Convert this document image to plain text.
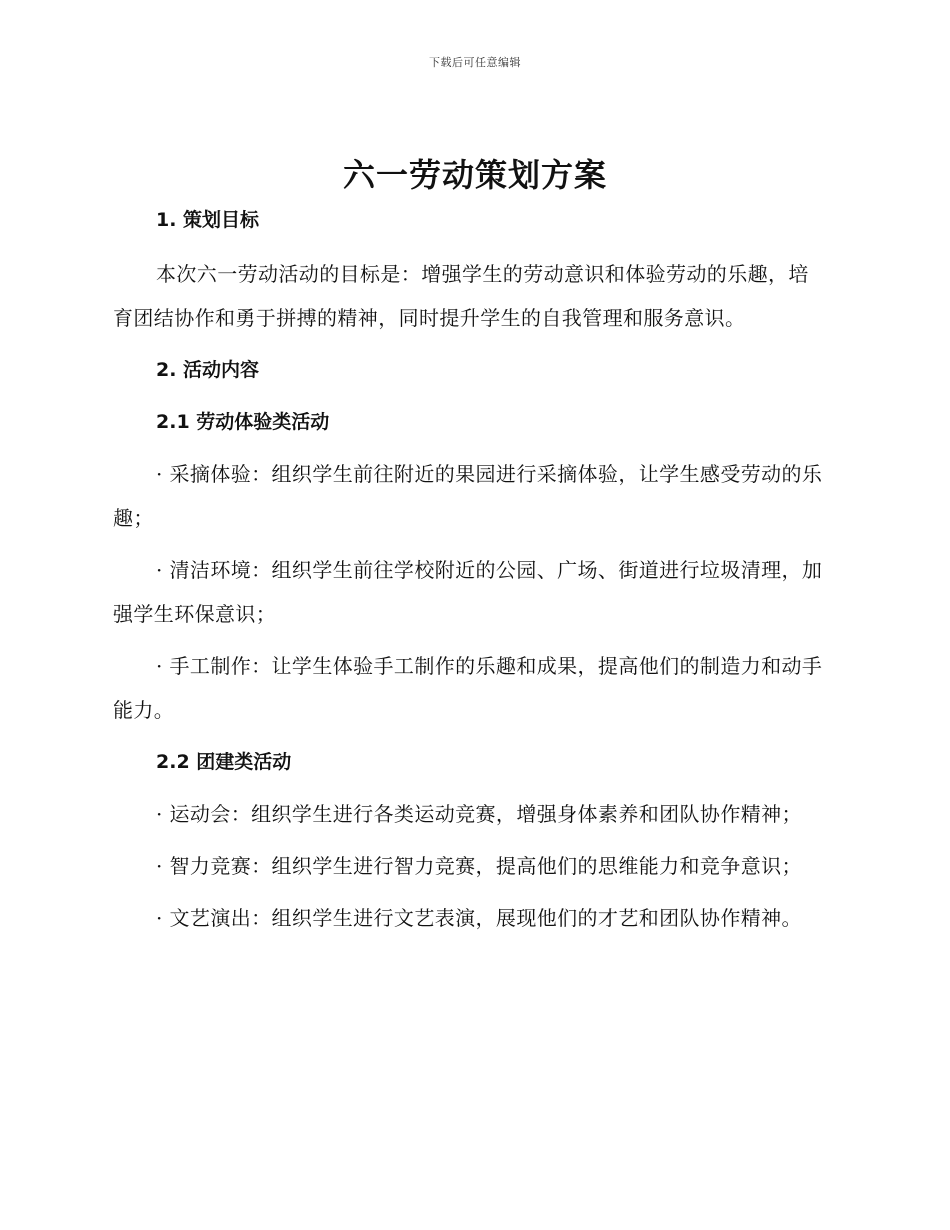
下载后可任意编辑
六一劳动策划方案

1. 策划目标

本次六一劳动活动的目标是：增强学生的劳动意识和体验劳动的乐趣，培育团结协作和勇于拼搏的精神，同时提升学生的自我管理和服务意识。

2. 活动内容

2.1 劳动体验类活动

· 采摘体验：组织学生前往附近的果园进行采摘体验，让学生感受劳动的乐趣；

· 清洁环境：组织学生前往学校附近的公园、广场、街道进行垃圾清理，加强学生环保意识；

· 手工制作：让学生体验手工制作的乐趣和成果，提高他们的制造力和动手能力。

2.2 团建类活动

· 运动会：组织学生进行各类运动竞赛，增强身体素养和团队协作精神；

· 智力竞赛：组织学生进行智力竞赛，提高他们的思维能力和竞争意识；

· 文艺演出：组织学生进行文艺表演，展现他们的才艺和团队协作精神。
